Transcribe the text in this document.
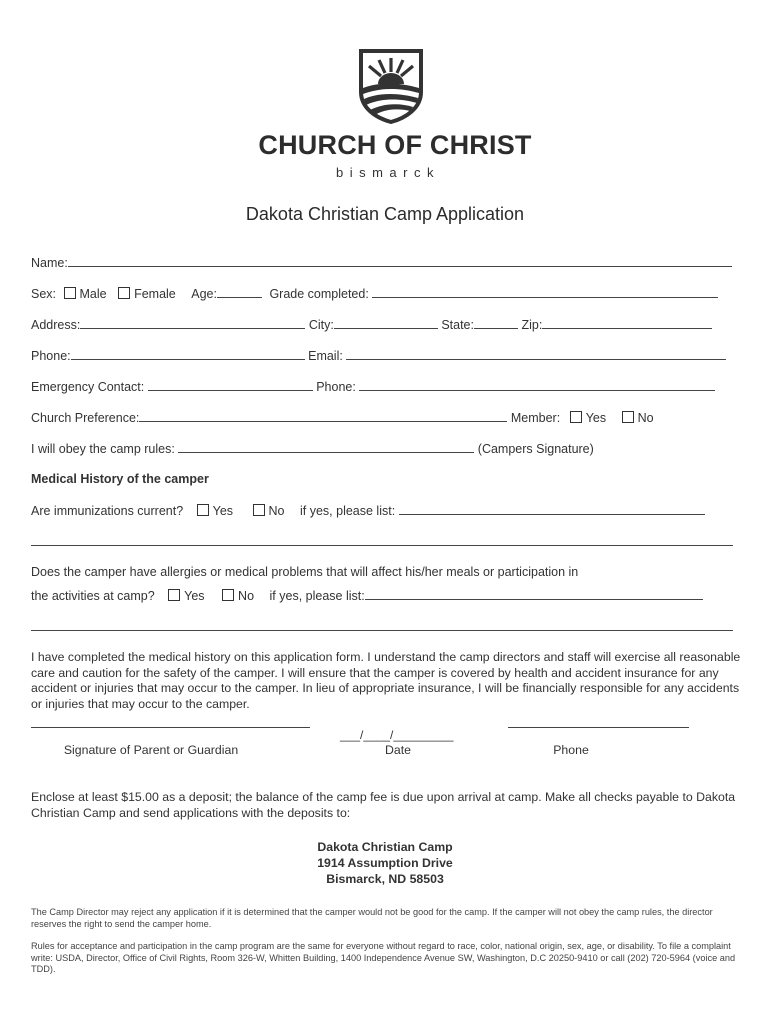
CHURCH OF CHRIST
bismarck
Dakota Christian Camp Application
Name:
Sex: Male Female Age:	Grade completed:
Address:	City:	State:	Zip:
Phone:	Email:
Emergency Contact:	Phone:
Church Preference:	Member: Yes	No
I will obey the camp rules:	(Campers Signature)
Medical History of the camper
Are immunizations current? Yes	No if yes, please list:
Does the camper have allergies or medical problems that will affect his/her meals or participation in
the activities at camp? Yes	No if yes, please list:
I have completed the medical history on this application form. I understand the camp directors and staff will exercise all reasonable care and caution for the safety of the camper. I will ensure that the camper is covered by health and accident insurance for any accident or injuries that may occur to the camper. In lieu of appropriate insurance, I will be financially responsible for any accidents or injuries that may occur to the camper.
Signature of Parent or Guardian
___/____/_________
Date	Phone
Enclose at least $15.00 as a deposit; the balance of the camp fee is due upon arrival at camp. Make all checks payable to Dakota Christian Camp and send applications with the deposits to:
Dakota Christian Camp
1914 Assumption Drive
Bismarck, ND 58503
The Camp Director may reject any application if it is determined that the camper would not be good for the camp. If the camper will not obey the camp rules, the director reserves the right to send the camper home.
Rules for acceptance and participation in the camp program are the same for everyone without regard to race, color, national origin, sex, age, or disability. To file a complaint write: USDA, Director, Office of Civil Rights, Room 326-W, Whitten Building, 1400 Independence Avenue SW, Washington, D.C 20250-9410 or call (202) 720-5964 (voice and TDD).
